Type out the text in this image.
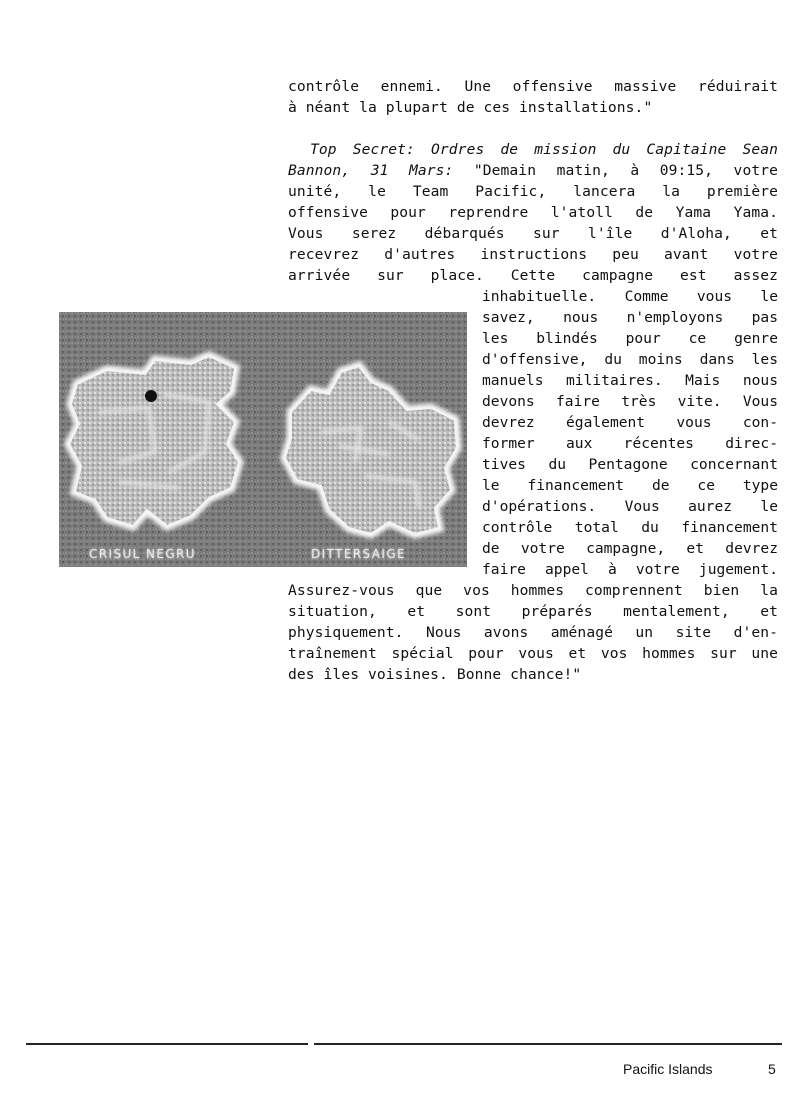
contrôle ennemi. Une offensive massive réduirait
à néant la plupart de ces installations."
Top Secret: Ordres de mission du Capitaine Sean
Bannon, 31 Mars: "Demain matin, à 09:15, votre
unité, le Team Pacific, lancera la première
offensive pour reprendre l'atoll de Yama Yama.
Vous serez débarqués sur l'île d'Aloha, et
recevrez d'autres instructions peu avant votre
arrivée sur place. Cette campagne est assez
CRISUL NEGRU	DITTERSAIGE
inhabituelle. Comme vous le
savez, nous n'employons pas
les blindés pour ce genre
d'offensive, du moins dans les
manuels militaires. Mais nous
devons faire très vite. Vous
devrez également vous con-
former aux récentes direc-
tives du Pentagone concernant
le financement de ce type
d'opérations. Vous aurez le
contrôle total du financement
de votre campagne, et devrez
faire appel à votre jugement.
Assurez-vous que vos hommes comprennent bien la
situation, et sont préparés mentalement, et
physiquement. Nous avons aménagé un site d'en-
traînement spécial pour vous et vos hommes sur une
des îles voisines. Bonne chance!"
Pacific Islands	5
